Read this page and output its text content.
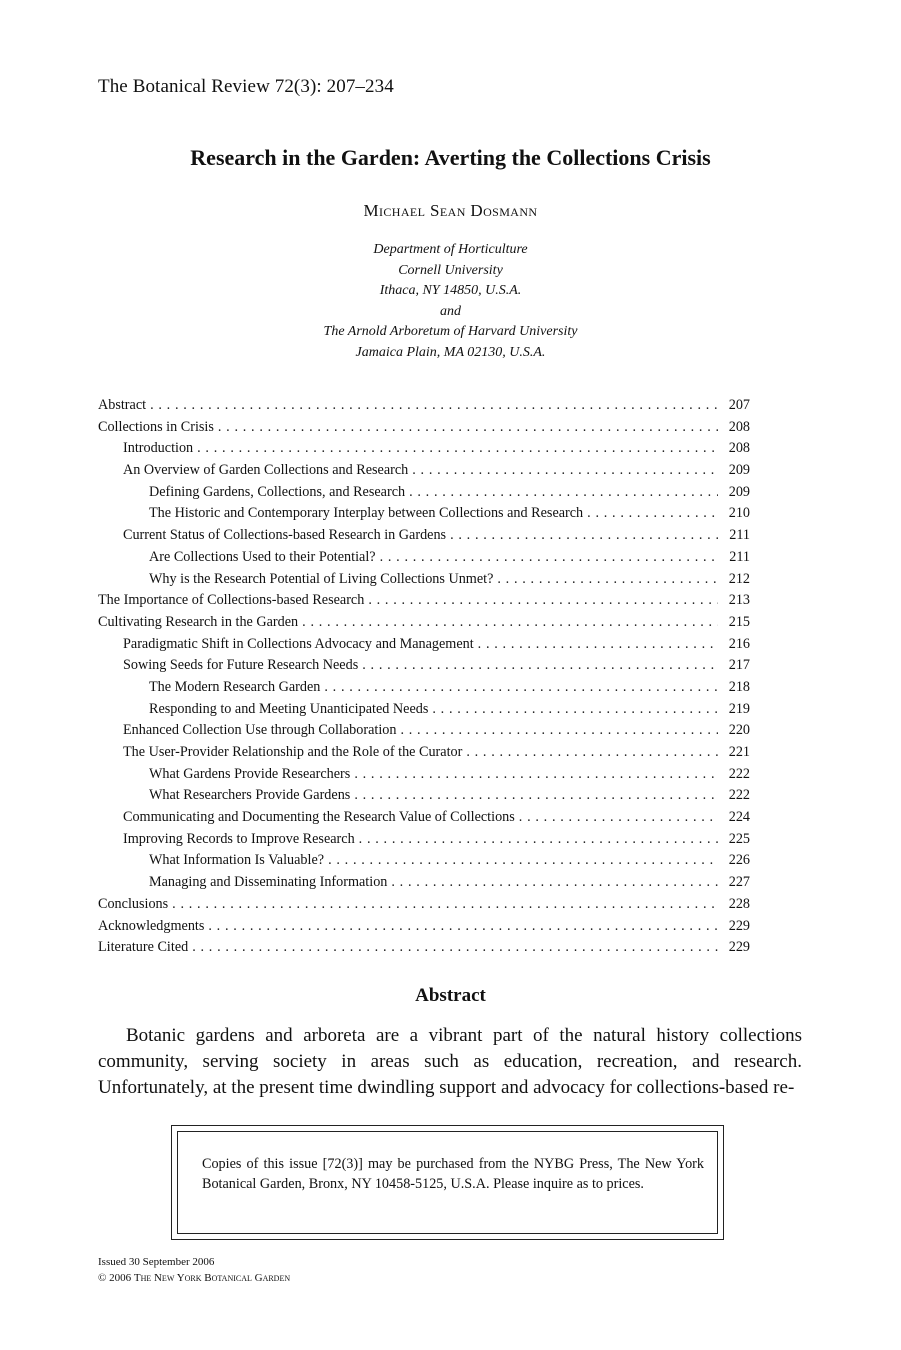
The Botanical Review 72(3): 207–234
Research in the Garden: Averting the Collections Crisis
Michael Sean Dosmann
Department of Horticulture
Cornell University
Ithaca, NY 14850, U.S.A.
and
The Arnold Arboretum of Harvard University
Jamaica Plain, MA 02130, U.S.A.
Abstract . . .	207
Collections in Crisis . . .	208
Introduction . . .	208
An Overview of Garden Collections and Research . . .	209
Defining Gardens, Collections, and Research . . .	209
The Historic and Contemporary Interplay between Collections and Research . . .	210
Current Status of Collections-based Research in Gardens . . .	211
Are Collections Used to their Potential? . . .	211
Why is the Research Potential of Living Collections Unmet? . . .	212
The Importance of Collections-based Research . . .	213
Cultivating Research in the Garden . . .	215
Paradigmatic Shift in Collections Advocacy and Management . . .	216
Sowing Seeds for Future Research Needs . . .	217
The Modern Research Garden . . .	218
Responding to and Meeting Unanticipated Needs . . .	219
Enhanced Collection Use through Collaboration . . .	220
The User-Provider Relationship and the Role of the Curator . . .	221
What Gardens Provide Researchers . . .	222
What Researchers Provide Gardens . . .	222
Communicating and Documenting the Research Value of Collections . . .	224
Improving Records to Improve Research . . .	225
What Information Is Valuable? . . .	226
Managing and Disseminating Information . . .	227
Conclusions . . .	228
Acknowledgments . . .	229
Literature Cited . . .	229
Abstract
Botanic gardens and arboreta are a vibrant part of the natural history collections community, serving society in areas such as education, recreation, and research. Unfortunately, at the present time dwindling support and advocacy for collections-based re-
Copies of this issue [72(3)] may be purchased from the NYBG Press, The New York Botanical Garden, Bronx, NY 10458-5125, U.S.A. Please inquire as to prices.
Issued 30 September 2006
© 2006 The New York Botanical Garden
